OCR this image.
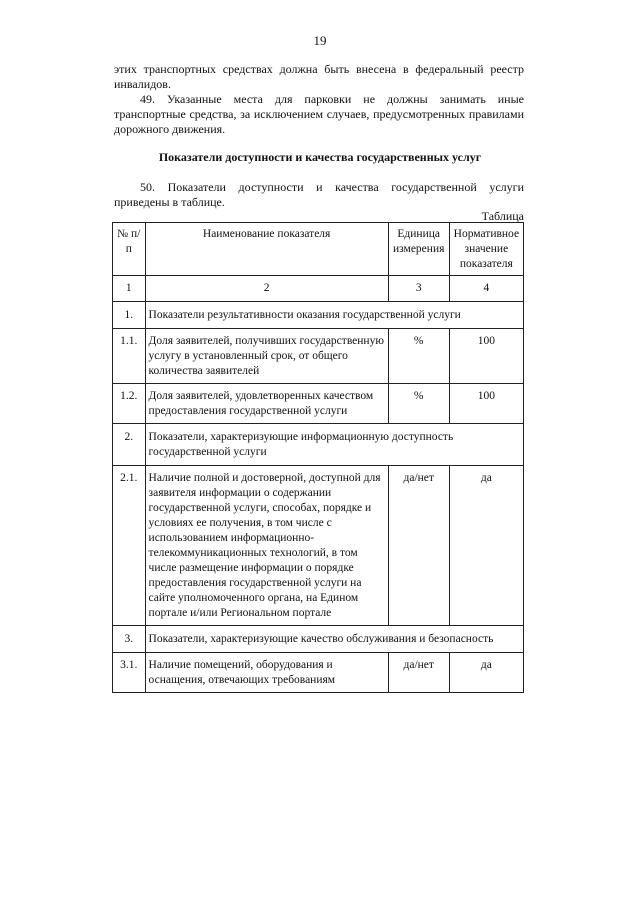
19
этих транспортных средствах должна быть внесена в федеральный реестр инвалидов.
49. Указанные места для парковки не должны занимать иные транспортные средства, за исключением случаев, предусмотренных правилами дорожного движения.
Показатели доступности и качества государственных услуг
50. Показатели доступности и качества государственной услуги приведены в таблице.
Таблица
№ п/п	Наименование показателя	Единица измерения	Нормативное значение показателя
1	2	3	4
1.	Показатели результативности оказания государственной услуги		
1.1.	Доля заявителей, получивших государственную услугу в установленный срок, от общего количества заявителей	%	100
1.2.	Доля заявителей, удовлетворенных качеством предоставления государственной услуги	%	100
2.	Показатели, характеризующие информационную доступность государственной услуги		
2.1.	Наличие полной и достоверной, доступной для заявителя информации о содержании государственной услуги, способах, порядке и условиях ее получения, в том числе с использованием информационно-телекоммуникационных технологий, в том числе размещение информации о порядке предоставления государственной услуги на сайте уполномоченного органа, на Едином портале и/или Региональном портале	да/нет	да
3.	Показатели, характеризующие качество обслуживания и безопасность		
3.1.	Наличие помещений, оборудования и оснащения, отвечающих требованиям	да/нет	да
